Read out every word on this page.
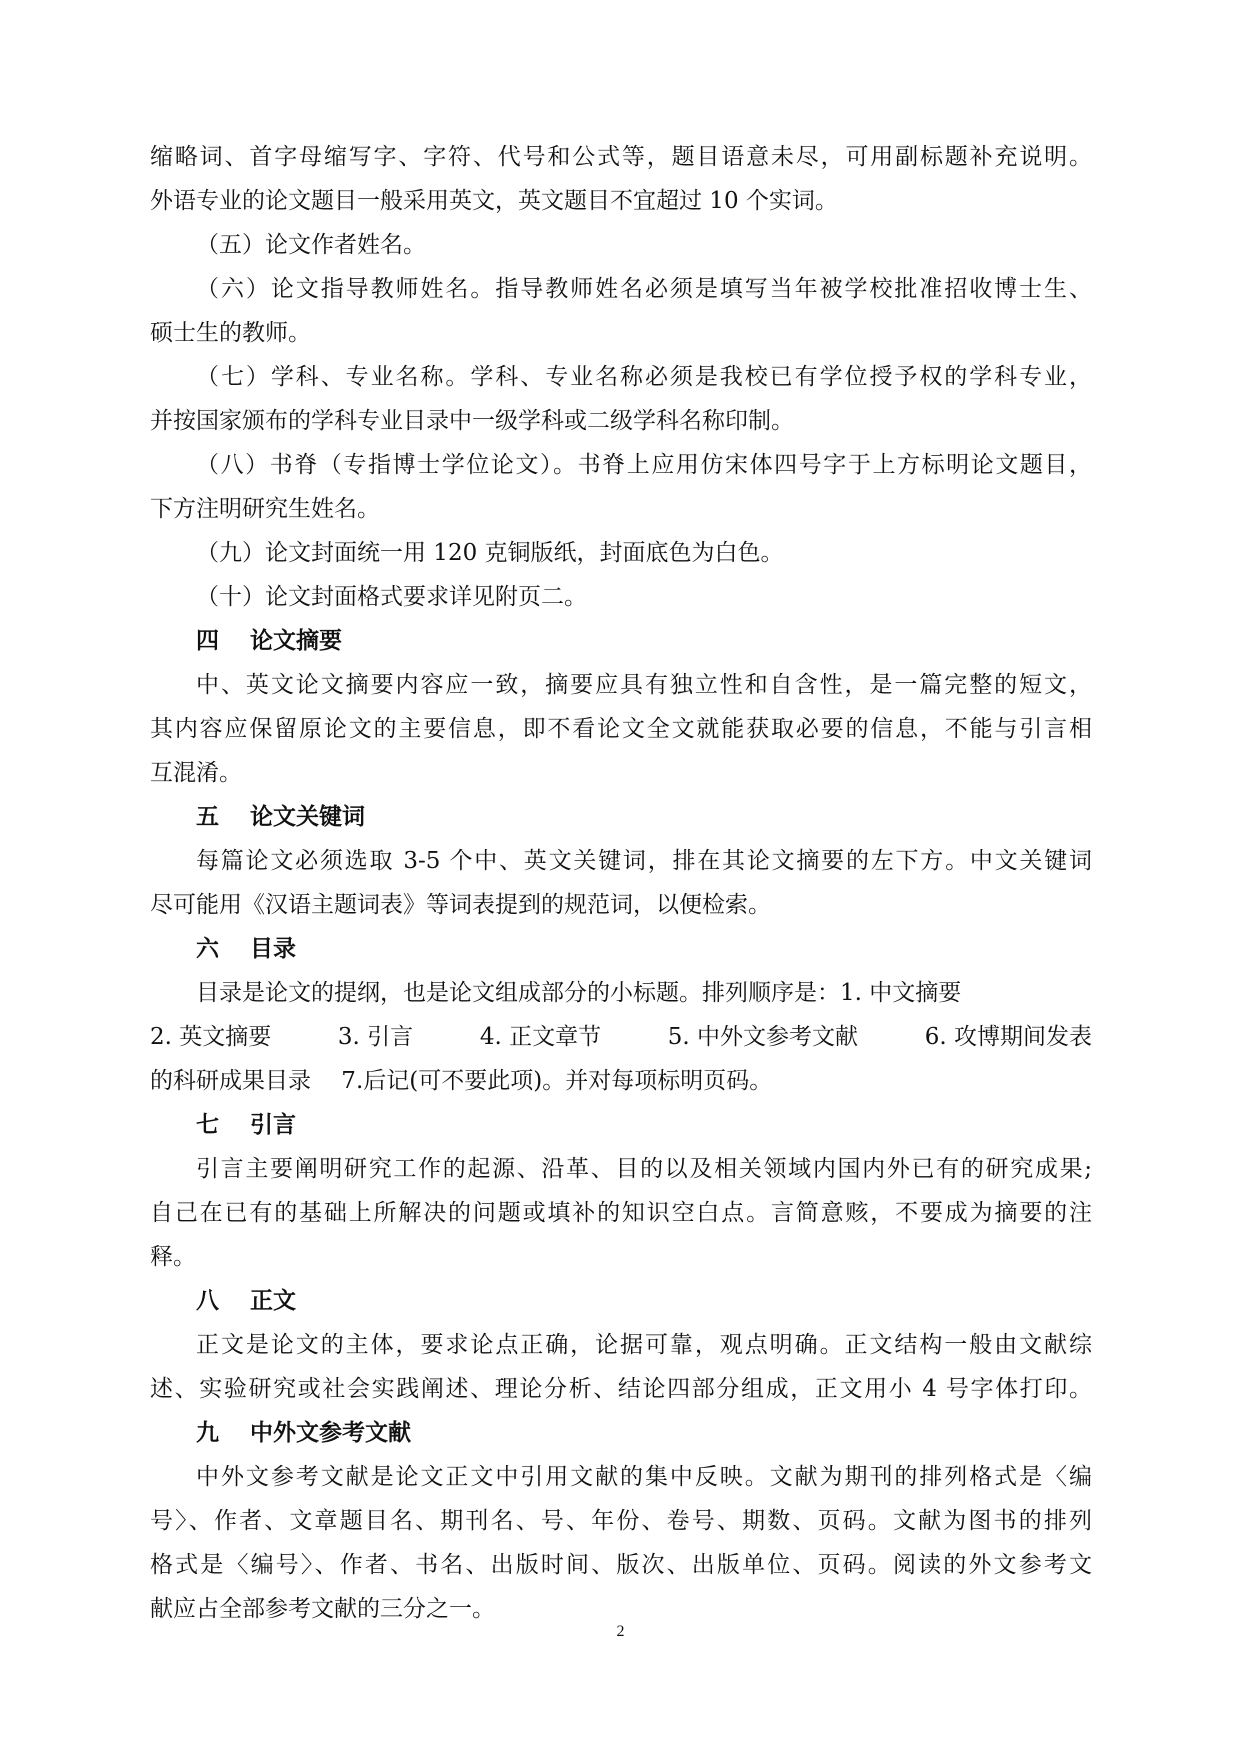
缩略词、首字母缩写字、字符、代号和公式等，题目语意未尽，可用副标题补充说明。
外语专业的论文题目一般采用英文，英文题目不宜超过 10 个实词。
（五）论文作者姓名。
（六）论文指导教师姓名。指导教师姓名必须是填写当年被学校批准招收博士生、
硕士生的教师。
（七）学科、专业名称。学科、专业名称必须是我校已有学位授予权的学科专业，
并按国家颁布的学科专业目录中一级学科或二级学科名称印制。
（八）书脊（专指博士学位论文）。书脊上应用仿宋体四号字于上方标明论文题目，
下方注明研究生姓名。
（九）论文封面统一用 120 克铜版纸，封面底色为白色。
（十）论文封面格式要求详见附页二。
四 论文摘要
中、英文论文摘要内容应一致，摘要应具有独立性和自含性，是一篇完整的短文，
其内容应保留原论文的主要信息，即不看论文全文就能获取必要的信息，不能与引言相
互混淆。
五 论文关键词
每篇论文必须选取 3-5 个中、英文关键词，排在其论文摘要的左下方。中文关键词
尽可能用《汉语主题词表》等词表提到的规范词，以便检索。
六 目录
目录是论文的提纲，也是论文组成部分的小标题。排列顺序是：1. 中文摘要
2. 英文摘要	3. 引言	4. 正文章节	5. 中外文参考文献	6. 攻博期间发表
的科研成果目录　 7.后记(可不要此项)。并对每项标明页码。
七 引言
引言主要阐明研究工作的起源、沿革、目的以及相关领域内国内外已有的研究成果;
自己在已有的基础上所解决的问题或填补的知识空白点。言简意赅，不要成为摘要的注
释。
八 正文
正文是论文的主体，要求论点正确，论据可靠，观点明确。正文结构一般由文献综
述、实验研究或社会实践阐述、理论分析、结论四部分组成，正文用小 4 号字体打印。
九 中外文参考文献
中外文参考文献是论文正文中引用文献的集中反映。文献为期刊的排列格式是〈编
号〉、作者、文章题目名、期刊名、号、年份、卷号、期数、页码。文献为图书的排列
格式是〈编号〉、作者、书名、出版时间、版次、出版单位、页码。阅读的外文参考文
献应占全部参考文献的三分之一。
2
